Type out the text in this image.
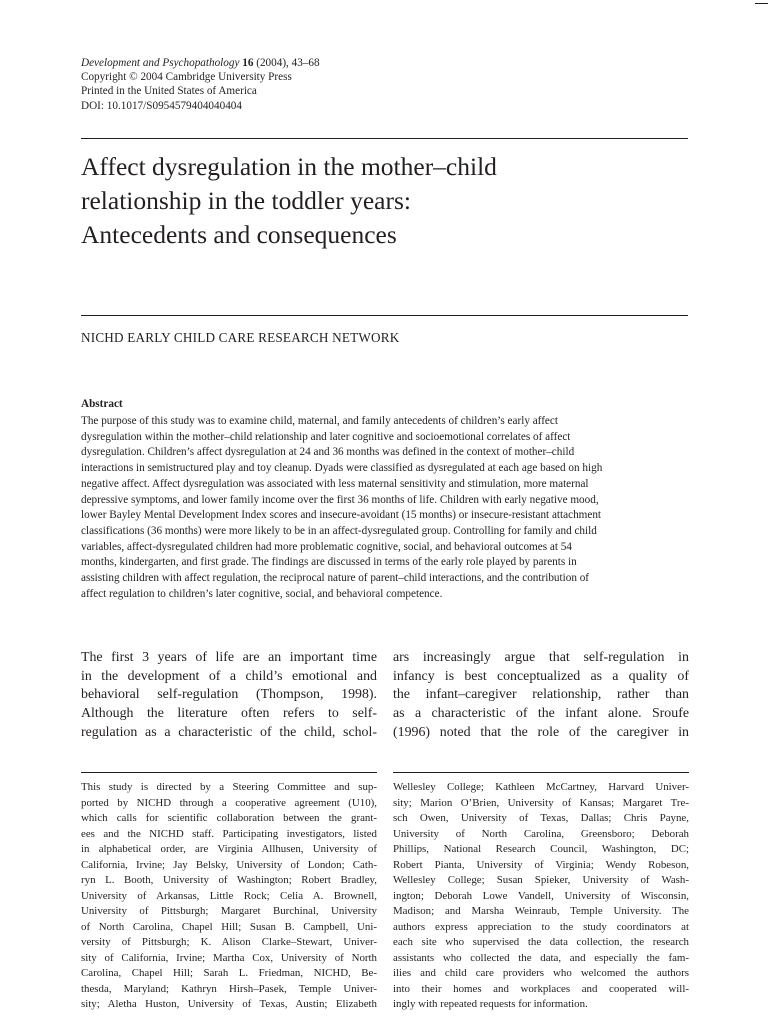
Development and Psychopathology 16 (2004), 43–68
Copyright © 2004 Cambridge University Press
Printed in the United States of America
DOI: 10.1017/S0954579404040404
Affect dysregulation in the mother–child
relationship in the toddler years:
Antecedents and consequences
NICHD EARLY CHILD CARE RESEARCH NETWORK
Abstract
The purpose of this study was to examine child, maternal, and family antecedents of children’s early affect
dysregulation within the mother–child relationship and later cognitive and socioemotional correlates of affect
dysregulation. Children’s affect dysregulation at 24 and 36 months was defined in the context of mother–child
interactions in semistructured play and toy cleanup. Dyads were classified as dysregulated at each age based on high
negative affect. Affect dysregulation was associated with less maternal sensitivity and stimulation, more maternal
depressive symptoms, and lower family income over the first 36 months of life. Children with early negative mood,
lower Bayley Mental Development Index scores and insecure-avoidant (15 months) or insecure-resistant attachment
classifications (36 months) were more likely to be in an affect-dysregulated group. Controlling for family and child
variables, affect-dysregulated children had more problematic cognitive, social, and behavioral outcomes at 54
months, kindergarten, and first grade. The findings are discussed in terms of the early role played by parents in
assisting children with affect regulation, the reciprocal nature of parent–child interactions, and the contribution of
affect regulation to children’s later cognitive, social, and behavioral competence.
The first 3 years of life are an important time
in the development of a child’s emotional and
behavioral self-regulation (Thompson, 1998).
Although the literature often refers to self-
regulation as a characteristic of the child, schol-
ars increasingly argue that self-regulation in
infancy is best conceptualized as a quality of
the infant–caregiver relationship, rather than
as a characteristic of the infant alone. Sroufe
(1996) noted that the role of the caregiver in
This study is directed by a Steering Committee and sup-
ported by NICHD through a cooperative agreement (U10),
which calls for scientific collaboration between the grant-
ees and the NICHD staff. Participating investigators, listed
in alphabetical order, are Virginia Allhusen, University of
California, Irvine; Jay Belsky, University of London; Cath-
ryn L. Booth, University of Washington; Robert Bradley,
University of Arkansas, Little Rock; Celia A. Brownell,
University of Pittsburgh; Margaret Burchinal, University
of North Carolina, Chapel Hill; Susan B. Campbell, Uni-
versity of Pittsburgh; K. Alison Clarke–Stewart, Univer-
sity of California, Irvine; Martha Cox, University of North
Carolina, Chapel Hill; Sarah L. Friedman, NICHD, Be-
thesda, Maryland; Kathryn Hirsh–Pasek, Temple Univer-
sity; Aletha Huston, University of Texas, Austin; Elizabeth
Wellesley College; Kathleen McCartney, Harvard Univer-
sity; Marion O’Brien, University of Kansas; Margaret Tre-
sch Owen, University of Texas, Dallas; Chris Payne,
University of North Carolina, Greensboro; Deborah
Phillips, National Research Council, Washington, DC;
Robert Pianta, University of Virginia; Wendy Robeson,
Wellesley College; Susan Spieker, University of Wash-
ington; Deborah Lowe Vandell, University of Wisconsin,
Madison; and Marsha Weinraub, Temple University. The
authors express appreciation to the study coordinators at
each site who supervised the data collection, the research
assistants who collected the data, and especially the fam-
ilies and child care providers who welcomed the authors
into their homes and workplaces and cooperated will-
ingly with repeated requests for information.
